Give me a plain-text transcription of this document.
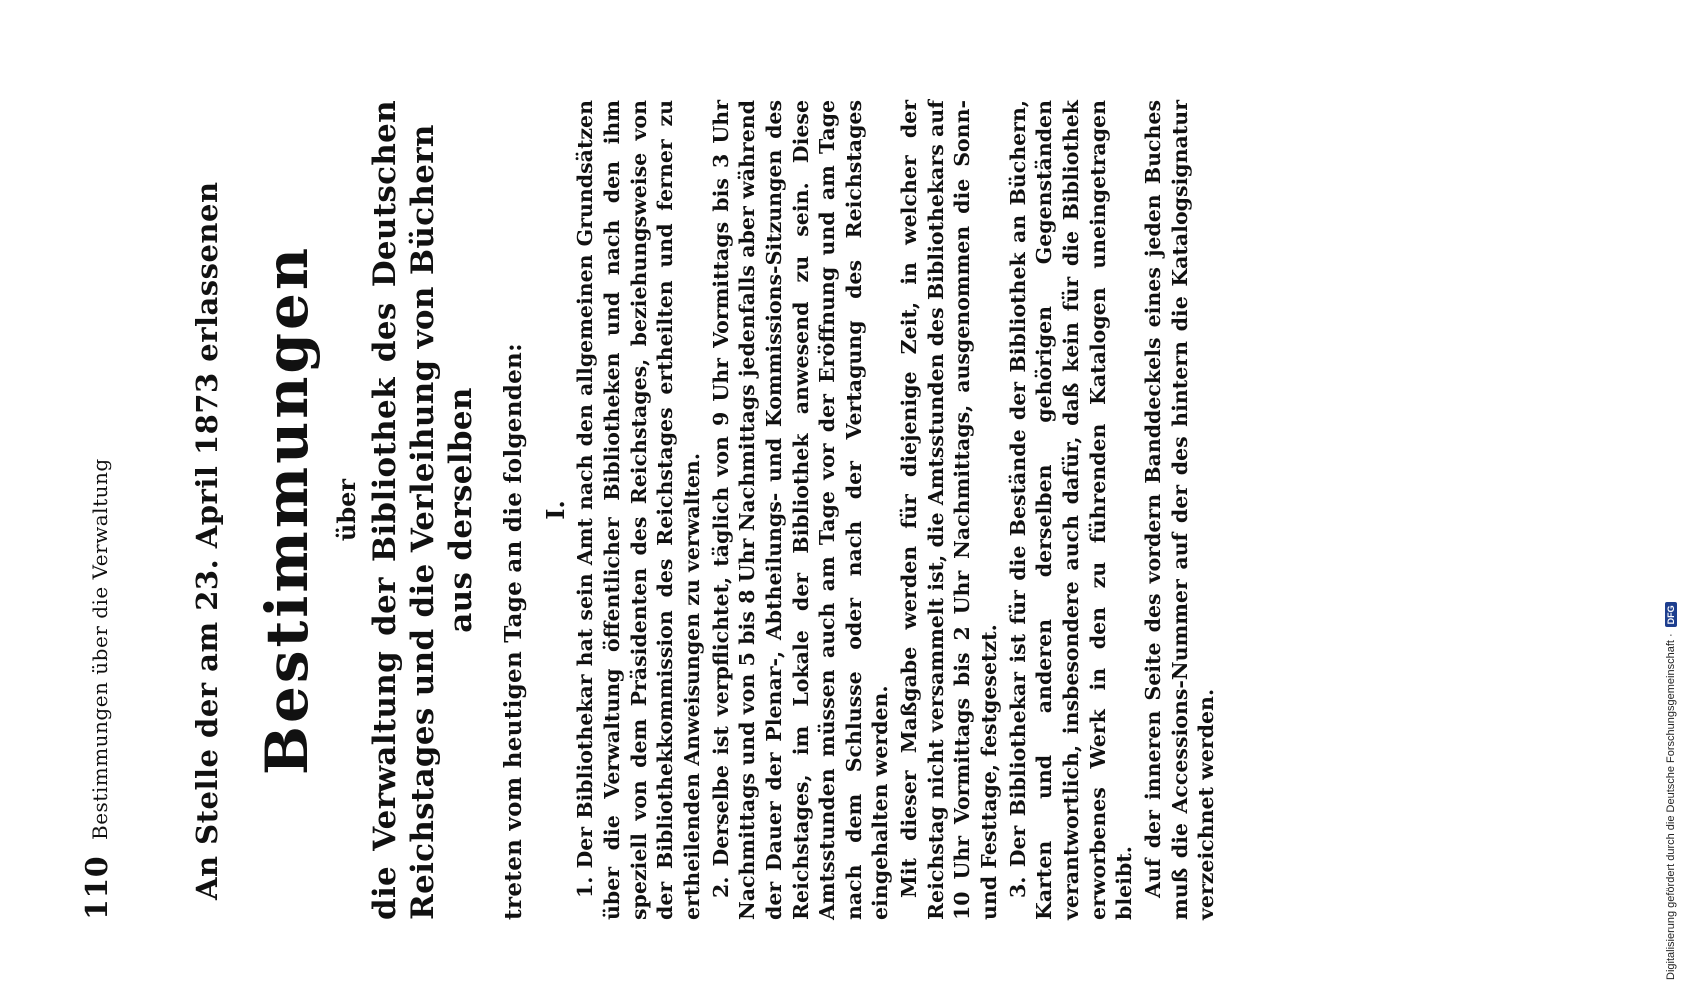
110
Bestimmungen über die Verwaltung	An Stelle der am 23. April 1873 erlassenen Bestimmungen über die Verwaltung der Bibliothek des Deutschen Reichstages und die Verleihung von Büchern aus derselben treten vom heutigen Tage an die folgenden: I. 1. Der Bibliothekar hat sein Amt nach den allgemeinen Grundsätzen über die Verwaltung öffentlicher Bibliotheken und nach den ihm speziell von dem Präsidenten des Reichstages, beziehungsweise von der Bibliothekkommission des Reichstages ertheilten und ferner zu ertheilenden Anweisungen zu verwalten. 2. Derselbe ist verpflichtet, täglich von 9 Uhr Vormittags bis 3 Uhr Nachmittags und von 5 bis 8 Uhr Nachmittags jedenfalls aber während der Dauer der Plenar-, Abtheilungs- und Kommissions-Sitzungen des Reichstages, im Lokale der Bibliothek anwesend zu sein. Diese Amtsstunden müssen auch am Tage vor der Eröffnung und am Tage nach dem Schlusse oder nach der Vertagung des Reichstages eingehalten werden. Mit dieser Maßgabe werden für diejenige Zeit, in welcher der Reichstag nicht versammelt ist, die Amtsstunden des Bibliothekars auf 10 Uhr Vormittags bis 2 Uhr Nachmittags, ausgenommen die Sonn- und Festtage, festgesetzt. 3. Der Bibliothekar ist für die Bestände der Bibliothek an Büchern, Karten und anderen derselben gehörigen Gegenständen verantwortlich, insbesondere auch dafür, daß kein für die Bibliothek erworbenes Werk in den zu führenden Katalogen uneingetragen bleibt. Auf der inneren Seite des vordern Banddeckels eines jeden Buches muß die Accessions-Nummer auf der des hintern die Katalogsignatur verzeichnet werden.	Digitalisierung gefördert durch die Deutsche Forschungsgemeinschaft ·
DFG
